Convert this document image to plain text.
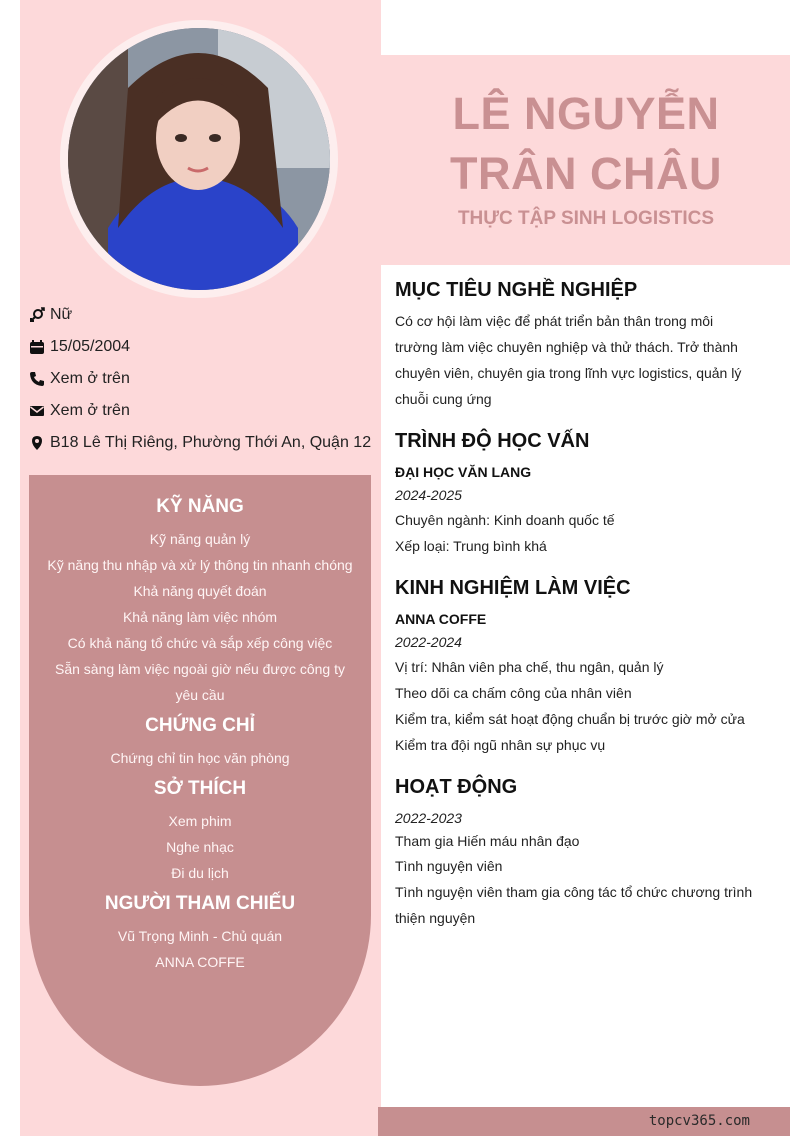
LÊ NGUYỄN TRÂN CHÂU
THỰC TẬP SINH LOGISTICS
Nữ
15/05/2004
Xem ở trên
Xem ở trên
B18 Lê Thị Riêng, Phường Thới An, Quận 12
KỸ NĂNG
Kỹ năng quản lý
Kỹ năng thu nhập và xử lý thông tin nhanh chóng
Khả năng quyết đoán
Khả năng làm việc nhóm
Có khả năng tổ chức và sắp xếp công việc
Sẵn sàng làm việc ngoài giờ nếu được công ty
yêu cầu
CHỨNG CHỈ
Chứng chỉ tin học văn phòng
SỞ THÍCH
Xem phim
Nghe nhạc
Đi du lịch
NGƯỜI THAM CHIẾU
Vũ Trọng Minh - Chủ quán
ANNA COFFE
MỤC TIÊU NGHỀ NGHIỆP
Có cơ hội làm việc để phát triển bản thân trong môi
trường làm việc chuyên nghiệp và thử thách. Trở thành
chuyên viên, chuyên gia trong lĩnh vực logistics, quản lý
chuỗi cung ứng
TRÌNH ĐỘ HỌC VẤN
ĐẠI HỌC VĂN LANG
2024-2025
Chuyên ngành: Kinh doanh quốc tế
Xếp loại: Trung bình khá
KINH NGHIỆM LÀM VIỆC
ANNA COFFE
2022-2024
Vị trí: Nhân viên pha chế, thu ngân, quản lý
Theo dõi ca chấm công của nhân viên
Kiểm tra, kiểm sát hoạt động chuẩn bị trước giờ mở cửa
Kiểm tra đội ngũ nhân sự phục vụ
HOẠT ĐỘNG
2022-2023
Tham gia Hiến máu nhân đạo
Tình nguyện viên
Tình nguyện viên tham gia công tác tổ chức chương trình
thiện nguyện
topcv365.com
